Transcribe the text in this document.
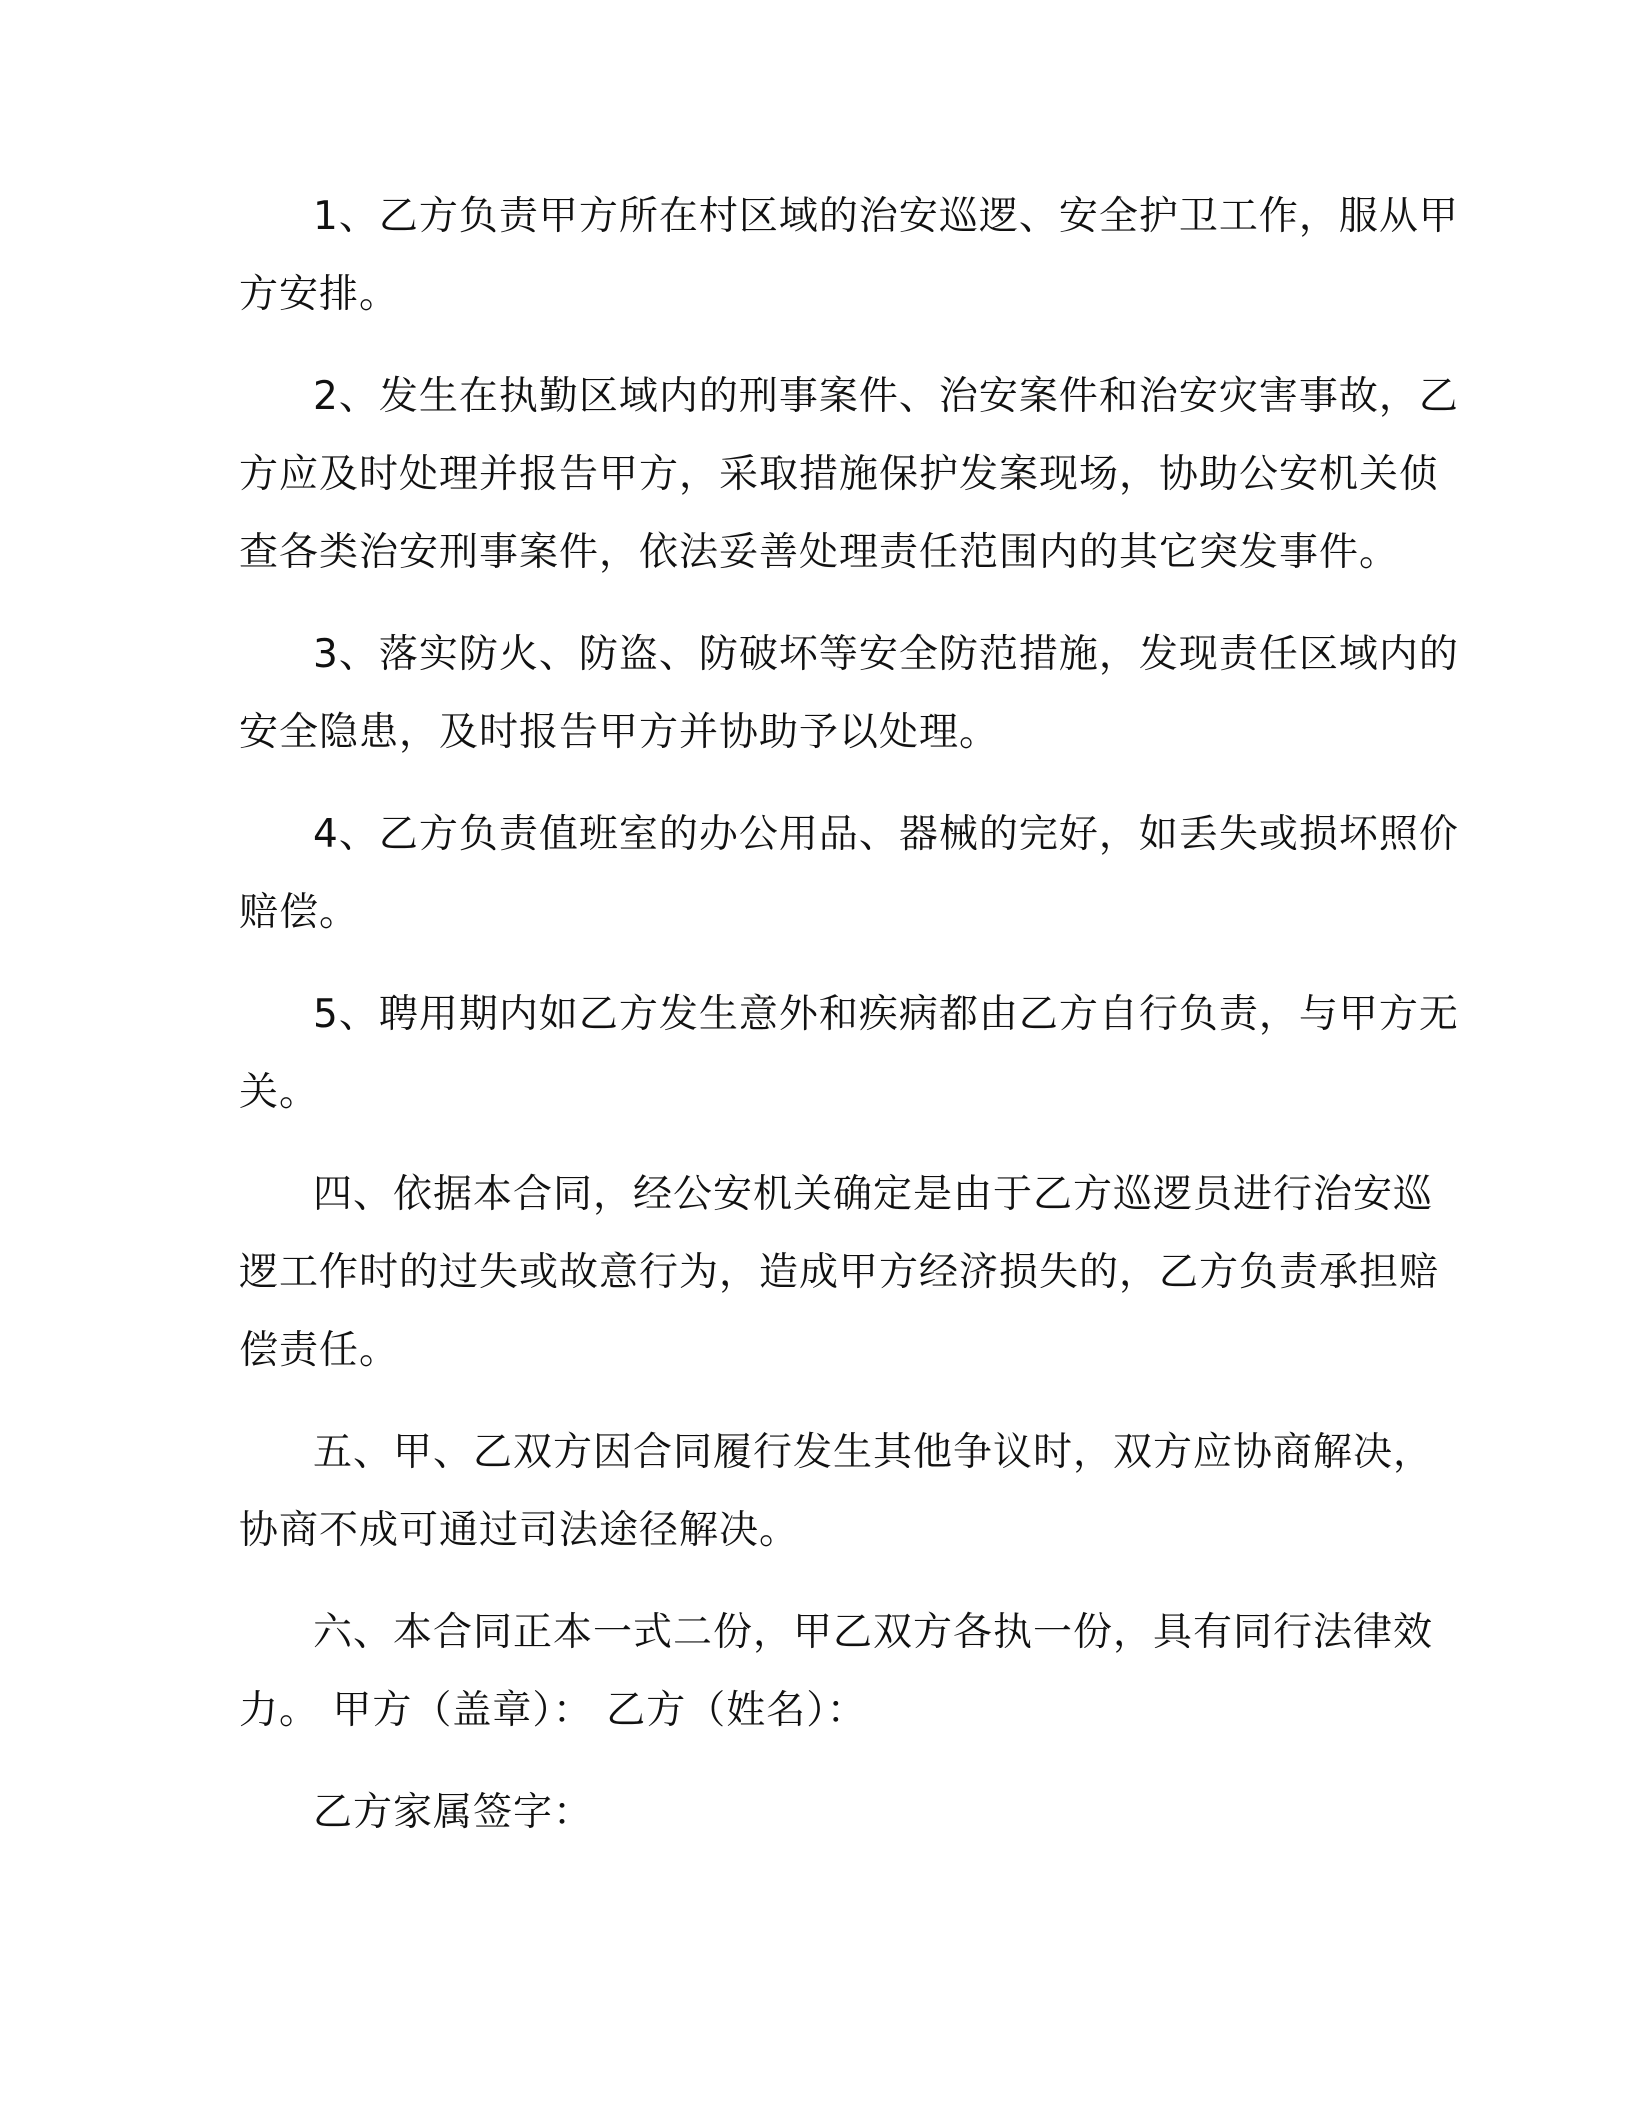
1、乙方负责甲方所在村区域的治安巡逻、安全护卫工作，服从甲
方安排。
2、发生在执勤区域内的刑事案件、治安案件和治安灾害事故，乙
方应及时处理并报告甲方，采取措施保护发案现场，协助公安机关侦
查各类治安刑事案件，依法妥善处理责任范围内的其它突发事件。
3、落实防火、防盗、防破坏等安全防范措施，发现责任区域内的
安全隐患，及时报告甲方并协助予以处理。
4、乙方负责值班室的办公用品、器械的完好，如丢失或损坏照价
赔偿。
5、聘用期内如乙方发生意外和疾病都由乙方自行负责，与甲方无
关。
四、依据本合同，经公安机关确定是由于乙方巡逻员进行治安巡
逻工作时的过失或故意行为，造成甲方经济损失的，乙方负责承担赔
偿责任。
五、甲、乙双方因合同履行发生其他争议时，双方应协商解决，
协商不成可通过司法途径解决。
六、本合同正本一式二份，甲乙双方各执一份，具有同行法律效
力。 甲方（盖章）： 乙方（姓名）：
乙方家属签字：
